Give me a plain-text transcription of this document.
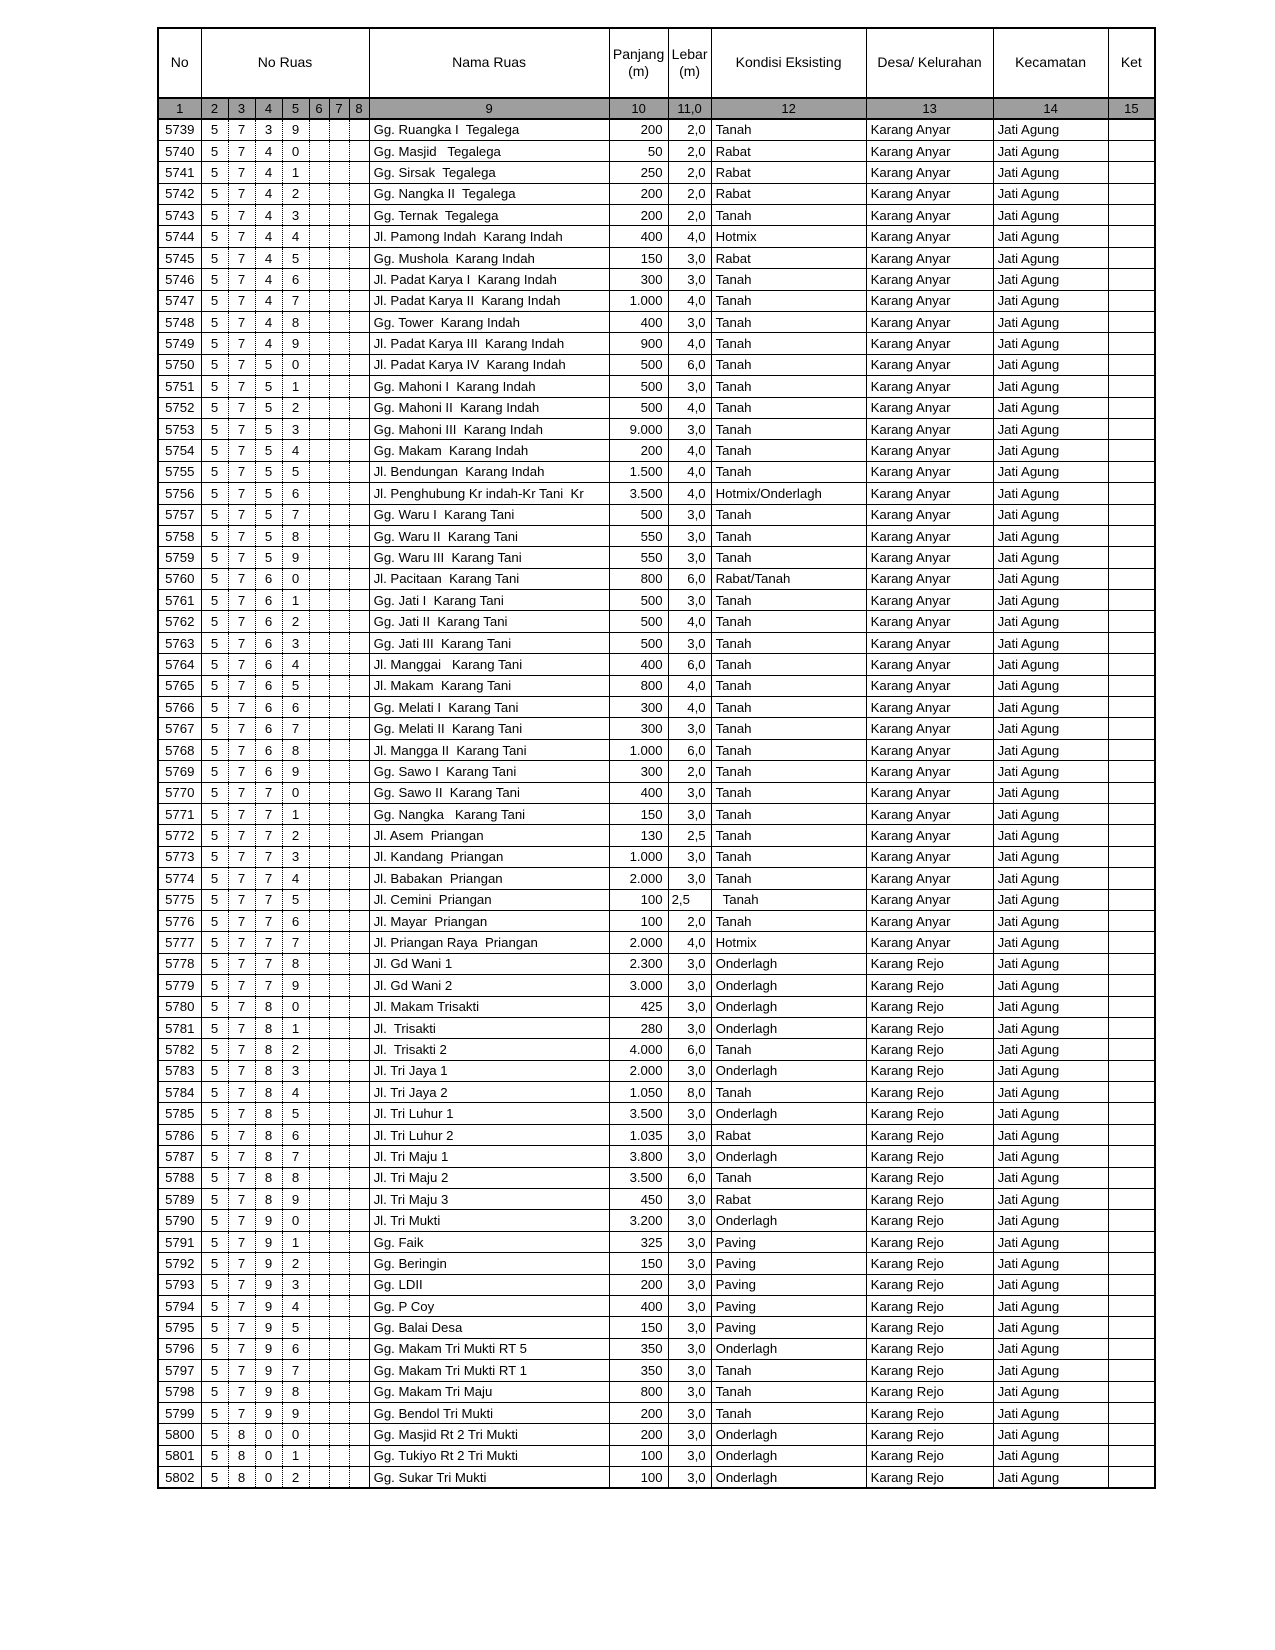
No	No Ruas							Nama Ruas	Panjang (m)	Lebar (m)	Kondisi Eksisting	Desa/ Kelurahan	Kecamatan	Ket
1	2	3	4	5	6	7	8	9	10	11,0	12	13	14	15
5739	5	7	3	9				Gg. Ruangka I  Tegalega	200	2,0	Tanah	Karang Anyar	Jati Agung	
5740	5	7	4	0				Gg. Masjid   Tegalega	50	2,0	Rabat	Karang Anyar	Jati Agung	
5741	5	7	4	1				Gg. Sirsak  Tegalega	250	2,0	Rabat	Karang Anyar	Jati Agung	
5742	5	7	4	2				Gg. Nangka II  Tegalega	200	2,0	Rabat	Karang Anyar	Jati Agung	
5743	5	7	4	3				Gg. Ternak  Tegalega	200	2,0	Tanah	Karang Anyar	Jati Agung	
5744	5	7	4	4				Jl. Pamong Indah  Karang Indah	400	4,0	Hotmix	Karang Anyar	Jati Agung	
5745	5	7	4	5				Gg. Mushola  Karang Indah	150	3,0	Rabat	Karang Anyar	Jati Agung	
5746	5	7	4	6				Jl. Padat Karya I  Karang Indah	300	3,0	Tanah	Karang Anyar	Jati Agung	
5747	5	7	4	7				Jl. Padat Karya II  Karang Indah	1.000	4,0	Tanah	Karang Anyar	Jati Agung	
5748	5	7	4	8				Gg. Tower  Karang Indah	400	3,0	Tanah	Karang Anyar	Jati Agung	
5749	5	7	4	9				Jl. Padat Karya III  Karang Indah	900	4,0	Tanah	Karang Anyar	Jati Agung	
5750	5	7	5	0				Jl. Padat Karya IV  Karang Indah	500	6,0	Tanah	Karang Anyar	Jati Agung	
5751	5	7	5	1				Gg. Mahoni I  Karang Indah	500	3,0	Tanah	Karang Anyar	Jati Agung	
5752	5	7	5	2				Gg. Mahoni II  Karang Indah	500	4,0	Tanah	Karang Anyar	Jati Agung	
5753	5	7	5	3				Gg. Mahoni III  Karang Indah	9.000	3,0	Tanah	Karang Anyar	Jati Agung	
5754	5	7	5	4				Gg. Makam  Karang Indah	200	4,0	Tanah	Karang Anyar	Jati Agung	
5755	5	7	5	5				Jl. Bendungan  Karang Indah	1.500	4,0	Tanah	Karang Anyar	Jati Agung	
5756	5	7	5	6				Jl. Penghubung Kr indah-Kr Tani  Kr	3.500	4,0	Hotmix/Onderlagh	Karang Anyar	Jati Agung	
5757	5	7	5	7				Gg. Waru I  Karang Tani	500	3,0	Tanah	Karang Anyar	Jati Agung	
5758	5	7	5	8				Gg. Waru II  Karang Tani	550	3,0	Tanah	Karang Anyar	Jati Agung	
5759	5	7	5	9				Gg. Waru III  Karang Tani	550	3,0	Tanah	Karang Anyar	Jati Agung	
5760	5	7	6	0				Jl. Pacitaan  Karang Tani	800	6,0	Rabat/Tanah	Karang Anyar	Jati Agung	
5761	5	7	6	1				Gg. Jati I  Karang Tani	500	3,0	Tanah	Karang Anyar	Jati Agung	
5762	5	7	6	2				Gg. Jati II  Karang Tani	500	4,0	Tanah	Karang Anyar	Jati Agung	
5763	5	7	6	3				Gg. Jati III  Karang Tani	500	3,0	Tanah	Karang Anyar	Jati Agung	
5764	5	7	6	4				Jl. Manggai   Karang Tani	400	6,0	Tanah	Karang Anyar	Jati Agung	
5765	5	7	6	5				Jl. Makam  Karang Tani	800	4,0	Tanah	Karang Anyar	Jati Agung	
5766	5	7	6	6				Gg. Melati I  Karang Tani	300	4,0	Tanah	Karang Anyar	Jati Agung	
5767	5	7	6	7				Gg. Melati II  Karang Tani	300	3,0	Tanah	Karang Anyar	Jati Agung	
5768	5	7	6	8				Jl. Mangga II  Karang Tani	1.000	6,0	Tanah	Karang Anyar	Jati Agung	
5769	5	7	6	9				Gg. Sawo I  Karang Tani	300	2,0	Tanah	Karang Anyar	Jati Agung	
5770	5	7	7	0				Gg. Sawo II  Karang Tani	400	3,0	Tanah	Karang Anyar	Jati Agung	
5771	5	7	7	1				Gg. Nangka   Karang Tani	150	3,0	Tanah	Karang Anyar	Jati Agung	
5772	5	7	7	2				Jl. Asem  Priangan	130	2,5	Tanah	Karang Anyar	Jati Agung	
5773	5	7	7	3				Jl. Kandang  Priangan	1.000	3,0	Tanah	Karang Anyar	Jati Agung	
5774	5	7	7	4				Jl. Babakan  Priangan	2.000	3,0	Tanah	Karang Anyar	Jati Agung	
5775	5	7	7	5				Jl. Cemini  Priangan	100	2,5	Tanah	Karang Anyar	Jati Agung	
5776	5	7	7	6				Jl. Mayar  Priangan	100	2,0	Tanah	Karang Anyar	Jati Agung	
5777	5	7	7	7				Jl. Priangan Raya  Priangan	2.000	4,0	Hotmix	Karang Anyar	Jati Agung	
5778	5	7	7	8				Jl. Gd Wani 1	2.300	3,0	Onderlagh	Karang Rejo	Jati Agung	
5779	5	7	7	9				Jl. Gd Wani 2	3.000	3,0	Onderlagh	Karang Rejo	Jati Agung	
5780	5	7	8	0				Jl. Makam Trisakti	425	3,0	Onderlagh	Karang Rejo	Jati Agung	
5781	5	7	8	1				Jl.  Trisakti	280	3,0	Onderlagh	Karang Rejo	Jati Agung	
5782	5	7	8	2				Jl.  Trisakti 2	4.000	6,0	Tanah	Karang Rejo	Jati Agung	
5783	5	7	8	3				Jl. Tri Jaya 1	2.000	3,0	Onderlagh	Karang Rejo	Jati Agung	
5784	5	7	8	4				Jl. Tri Jaya 2	1.050	8,0	Tanah	Karang Rejo	Jati Agung	
5785	5	7	8	5				Jl. Tri Luhur 1	3.500	3,0	Onderlagh	Karang Rejo	Jati Agung	
5786	5	7	8	6				Jl. Tri Luhur 2	1.035	3,0	Rabat	Karang Rejo	Jati Agung	
5787	5	7	8	7				Jl. Tri Maju 1	3.800	3,0	Onderlagh	Karang Rejo	Jati Agung	
5788	5	7	8	8				Jl. Tri Maju 2	3.500	6,0	Tanah	Karang Rejo	Jati Agung	
5789	5	7	8	9				Jl. Tri Maju 3	450	3,0	Rabat	Karang Rejo	Jati Agung	
5790	5	7	9	0				Jl. Tri Mukti	3.200	3,0	Onderlagh	Karang Rejo	Jati Agung	
5791	5	7	9	1				Gg. Faik	325	3,0	Paving	Karang Rejo	Jati Agung	
5792	5	7	9	2				Gg. Beringin	150	3,0	Paving	Karang Rejo	Jati Agung	
5793	5	7	9	3				Gg. LDII	200	3,0	Paving	Karang Rejo	Jati Agung	
5794	5	7	9	4				Gg. P Coy	400	3,0	Paving	Karang Rejo	Jati Agung	
5795	5	7	9	5				Gg. Balai Desa	150	3,0	Paving	Karang Rejo	Jati Agung	
5796	5	7	9	6				Gg. Makam Tri Mukti RT 5	350	3,0	Onderlagh	Karang Rejo	Jati Agung	
5797	5	7	9	7				Gg. Makam Tri Mukti RT 1	350	3,0	Tanah	Karang Rejo	Jati Agung	
5798	5	7	9	8				Gg. Makam Tri Maju	800	3,0	Tanah	Karang Rejo	Jati Agung	
5799	5	7	9	9				Gg. Bendol Tri Mukti	200	3,0	Tanah	Karang Rejo	Jati Agung	
5800	5	8	0	0				Gg. Masjid Rt 2 Tri Mukti	200	3,0	Onderlagh	Karang Rejo	Jati Agung	
5801	5	8	0	1				Gg. Tukiyo Rt 2 Tri Mukti	100	3,0	Onderlagh	Karang Rejo	Jati Agung	
5802	5	8	0	2				Gg. Sukar Tri Mukti	100	3,0	Onderlagh	Karang Rejo	Jati Agung	
